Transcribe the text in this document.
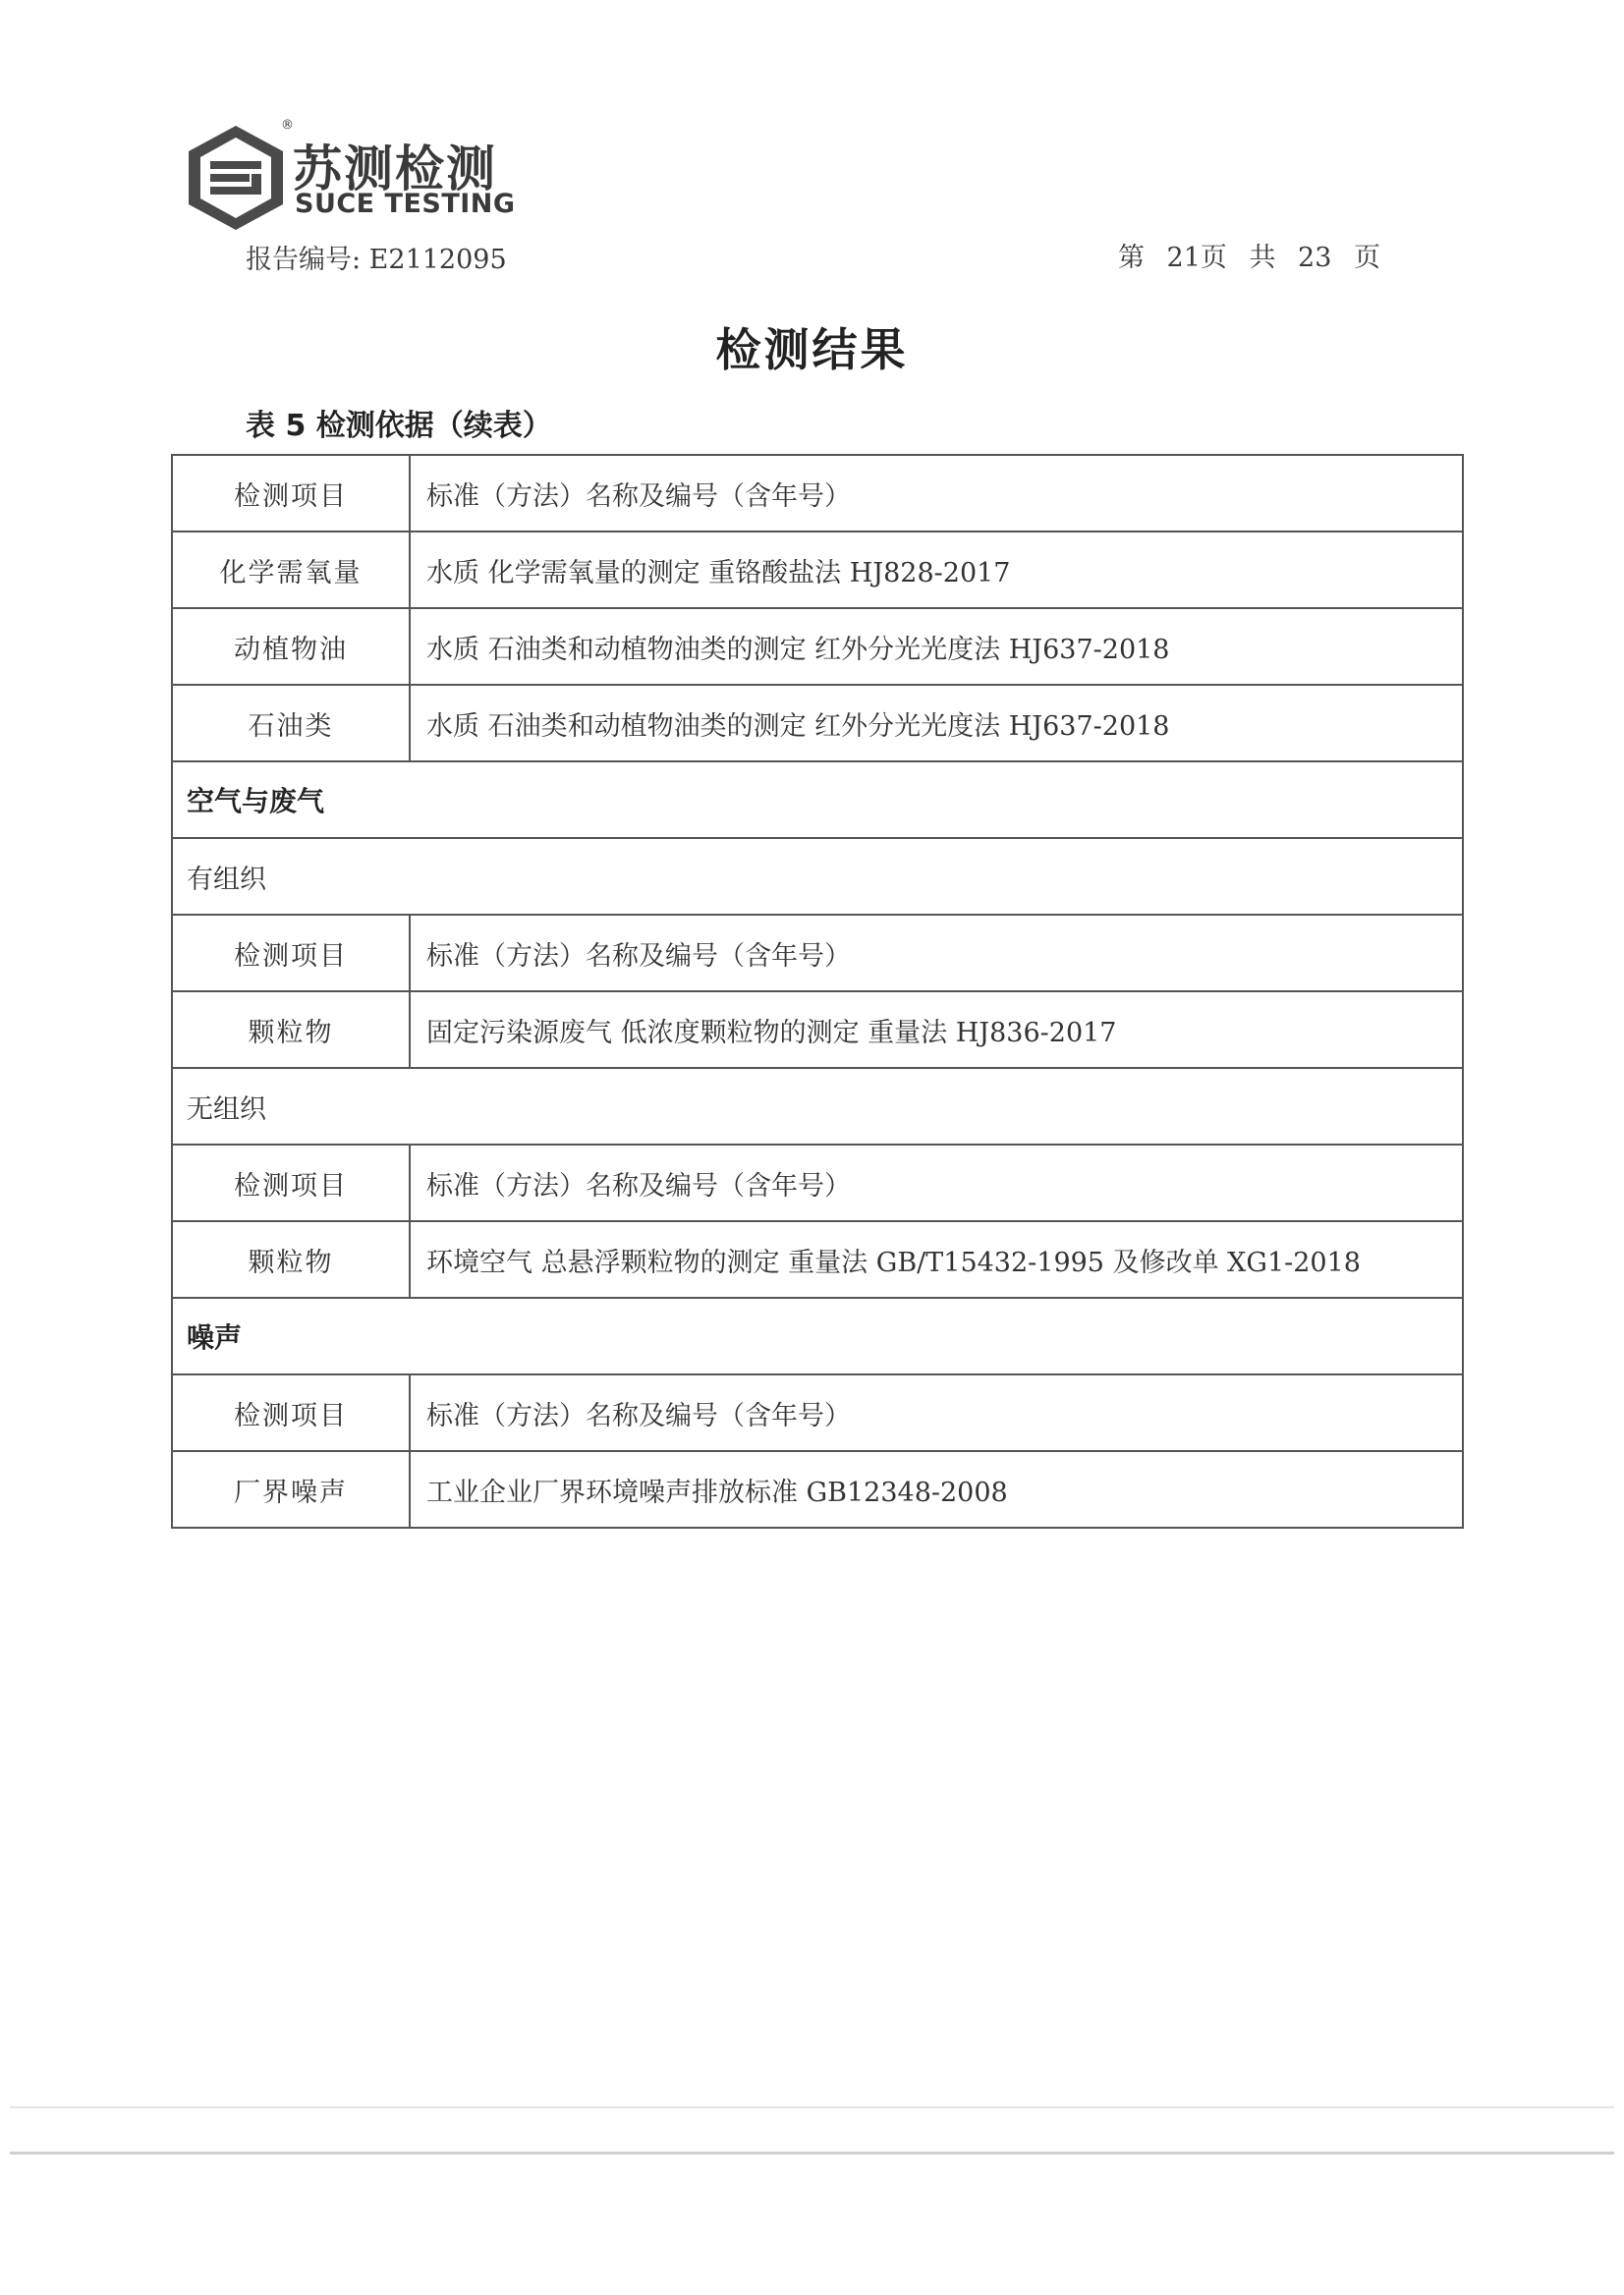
®
苏测检测
SUCE TESTING
报告编号: E2112095	第 21页 共 23 页
检测结果
表 5 检测依据（续表）
检测项目	标准（方法）名称及编号（含年号）
化学需氧量	水质 化学需氧量的测定 重铬酸盐法 HJ828-2017
动植物油	水质 石油类和动植物油类的测定 红外分光光度法 HJ637-2018
石油类	水质 石油类和动植物油类的测定 红外分光光度法 HJ637-2018
空气与废气	
有组织	
检测项目	标准（方法）名称及编号（含年号）
颗粒物	固定污染源废气 低浓度颗粒物的测定 重量法 HJ836-2017
无组织	
检测项目	标准（方法）名称及编号（含年号）
颗粒物	环境空气 总悬浮颗粒物的测定 重量法 GB/T15432-1995 及修改单 XG1-2018
噪声	
检测项目	标准（方法）名称及编号（含年号）
厂界噪声	工业企业厂界环境噪声排放标准 GB12348-2008
